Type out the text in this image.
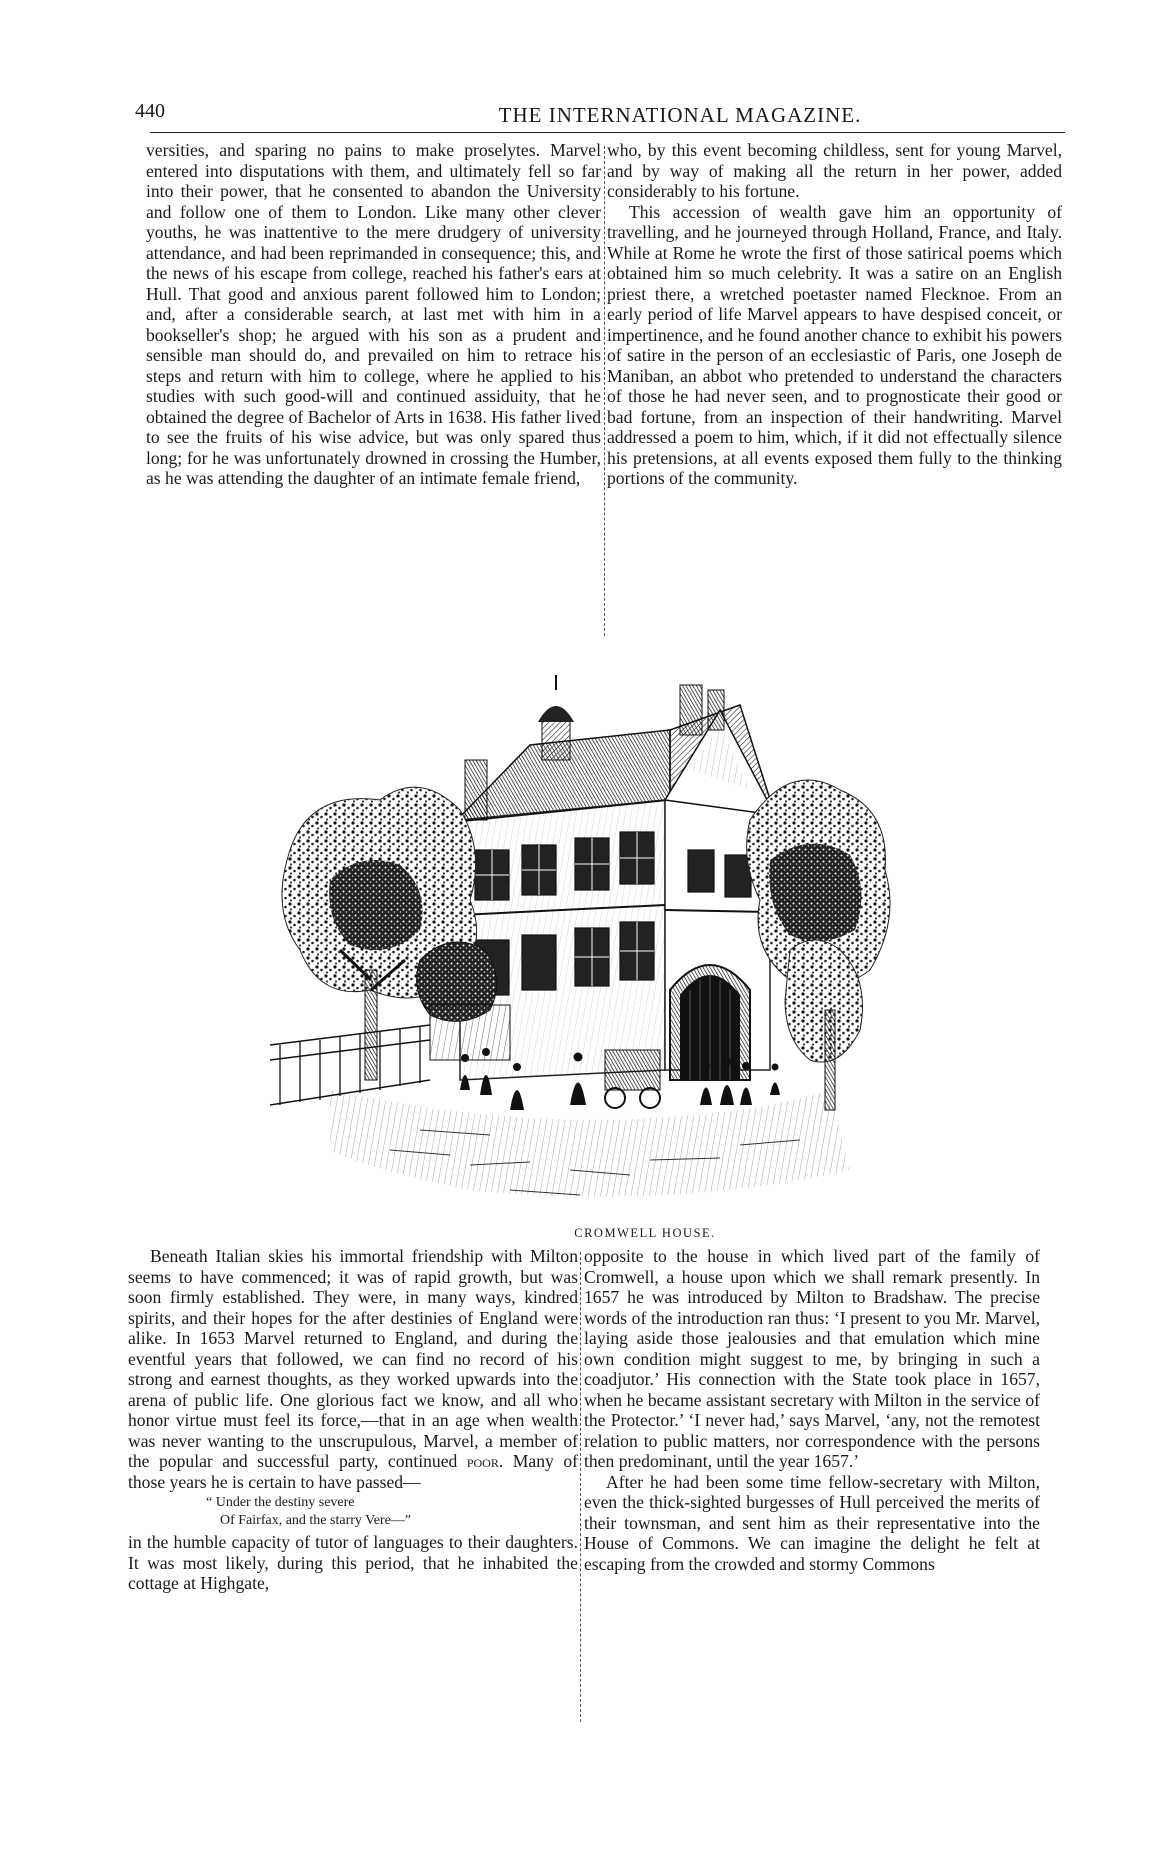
440	THE INTERNATIONAL MAGAZINE.

versities, and sparing no pains to make proselytes. Marvel entered into disputations with them, and ultimately fell so far into their power, that he consented to abandon the University and follow one of them to London. Like many other clever youths, he was inattentive to the mere drudgery of university attendance, and had been reprimanded in consequence; this, and the news of his escape from college, reached his father's ears at Hull. That good and anxious parent followed him to London; and, after a considerable search, at last met with him in a bookseller's shop; he argued with his son as a prudent and sensible man should do, and prevailed on him to retrace his steps and return with him to college, where he applied to his studies with such good-will and continued assiduity, that he obtained the degree of Bachelor of Arts in 1638. His father lived to see the fruits of his wise advice, but was only spared thus long; for he was unfortunately drowned in crossing the Humber, as he was attending the daughter of an intimate female friend,

who, by this event becoming childless, sent for young Marvel, and by way of making all the return in her power, added considerably to his fortune.

This accession of wealth gave him an opportunity of travelling, and he journeyed through Holland, France, and Italy. While at Rome he wrote the first of those satirical poems which obtained him so much celebrity. It was a satire on an English priest there, a wretched poetaster named Flecknoe. From an early period of life Marvel appears to have despised conceit, or impertinence, and he found another chance to exhibit his powers of satire in the person of an ecclesiastic of Paris, one Joseph de Maniban, an abbot who pretended to understand the characters of those he had never seen, and to prognosticate their good or bad fortune, from an inspection of their handwriting. Marvel addressed a poem to him, which, if it did not effectually silence his pretensions, at all events exposed them fully to the thinking portions of the community.

CROMWELL HOUSE.

Beneath Italian skies his immortal friendship with Milton seems to have commenced; it was of rapid growth, but was soon firmly established. They were, in many ways, kindred spirits, and their hopes for the after destinies of England were alike. In 1653 Marvel returned to England, and during the eventful years that followed, we can find no record of his strong and earnest thoughts, as they worked upwards into the arena of public life. One glorious fact we know, and all who honor virtue must feel its force,—that in an age when wealth was never wanting to the unscrupulous, Marvel, a member of the popular and successful party, continued poor. Many of those years he is certain to have passed—

“ Under the destiny severe
Of Fairfax, and the starry Vere—”

in the humble capacity of tutor of languages to their daughters. It was most likely, during this period, that he inhabited the cottage at Highgate,

opposite to the house in which lived part of the family of Cromwell, a house upon which we shall remark presently. In 1657 he was introduced by Milton to Bradshaw. The precise words of the introduction ran thus: ‘I present to you Mr. Marvel, laying aside those jealousies and that emulation which mine own condition might suggest to me, by bringing in such a coadjutor.’ His connection with the State took place in 1657, when he became assistant secretary with Milton in the service of the Protector.’ ‘I never had,’ says Marvel, ‘any, not the remotest relation to public matters, nor correspondence with the persons then predominant, until the year 1657.’

After he had been some time fellow-secretary with Milton, even the thick-sighted burgesses of Hull perceived the merits of their townsman, and sent him as their representative into the House of Commons. We can imagine the delight he felt at escaping from the crowded and stormy Commons
